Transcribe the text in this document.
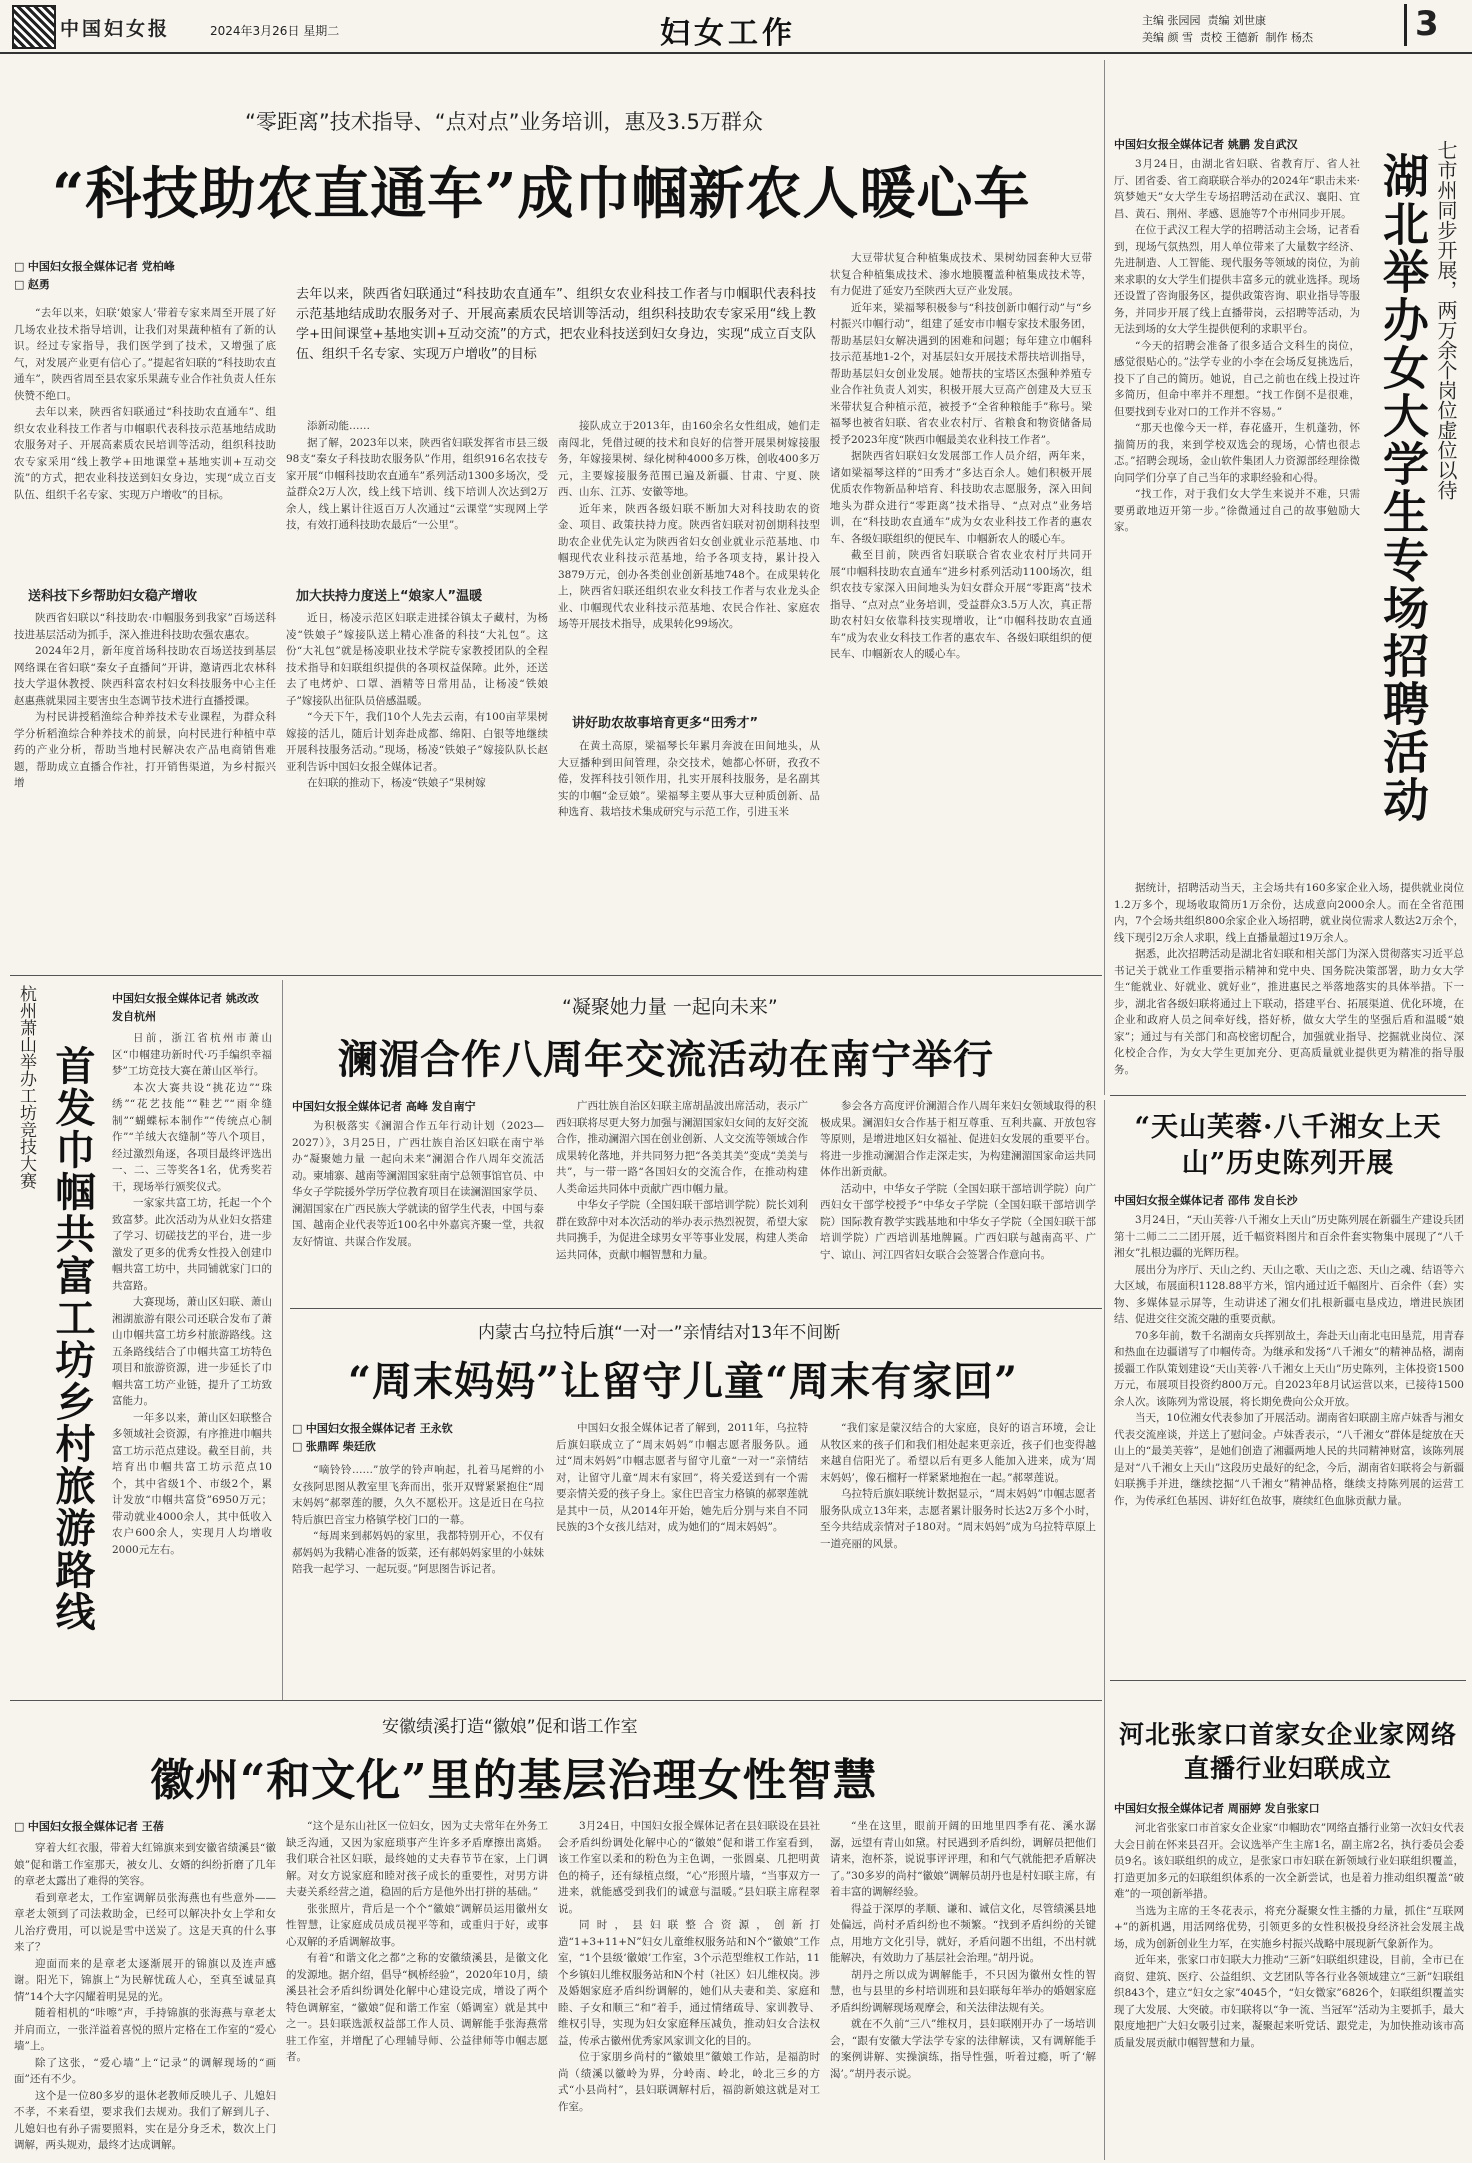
中国妇女报	2024年3月26日 星期二	妇女工作	主编 张园园 责编 刘世康
美编 颜 雪 责校 王德新 制作 杨杰	3
“零距离”技术指导、“点对点”业务培训，惠及3.5万群众
“科技助农直通车”成巾帼新农人暖心车
□ 中国妇女报全媒体记者 党柏峰
□ 赵勇
去年以来，陕西省妇联通过“科技助农直通车”、组织女农业科技工作者与巾帼职代表科技示范基地结成助农服务对子、开展高素质农民培训等活动，组织科技助农专家采用“线上教学+田间课堂+基地实训+互动交流”的方式，把农业科技送到妇女身边，实现“成立百支队伍、组织千名专家、实现万户增收”的目标

“去年以来，妇联‘娘家人’带着专家来周至开展了好几场农业技术指导培训，让我们对果蔬种植有了新的认识。经过专家指导，我们医学到了技术，又增强了底气，对发展产业更有信心了。”提起省妇联的“科技助农直通车”，陕西省周至县农家乐果蔬专业合作社负责人任东侠赞不绝口。

去年以来，陕西省妇联通过“科技助农直通车”、组织女农业科技工作者与巾帼职代表科技示范基地结成助农服务对子、开展高素质农民培训等活动，组织科技助农专家采用“线上教学+田地课堂+基地实训+互动交流”的方式，把农业科技送到妇女身边，实现“成立百支队伍、组织千名专家、实现万户增收”的目标。

送科技下乡帮助妇女稳产增收

陕西省妇联以“科技助农·巾帼服务到我家”百场送科技进基层活动为抓手，深入推进科技助农强农惠农。

2024年2月，新年度首场科技助农百场送技到基层网络课在省妇联“秦女子直播间”开讲，邀请西北农林科技大学退休教授、陕西科富农村妇女科技服务中心主任赵惠燕就果园主要害虫生态调节技术进行直播授课。

为村民讲授稻渔综合种养技术专业课程，为群众科学分析稻渔综合种养技术的前景，向村民进行种植中草药的产业分析，帮助当地村民解决农产品电商销售难题，帮助成立直播合作社，打开销售渠道，为乡村振兴增

添新动能……

据了解，2023年以来，陕西省妇联发挥省市县三级98支“秦女子科技助农服务队”作用，组织916名农技专家开展“巾帼科技助农直通车”系列活动1300多场次，受益群众2万人次，线上线下培训、线下培训人次达到2万余人，线上累计往返百万人次通过“云课堂”实现网上学技，有效打通科技助农最后“一公里”。

加大扶持力度送上“娘家人”温暖

近日，杨凌示范区妇联走进揉谷镇太子藏村，为杨凌“铁娘子”嫁接队送上精心准备的科技“大礼包”。这份“大礼包”就是杨凌职业技术学院专家教授团队的全程技术指导和妇联组织提供的各项权益保障。此外，还送去了电烤炉、口罩、酒精等日常用品，让杨凌“铁娘子”嫁接队出征队员倍感温暖。

“今天下午，我们10个人先去云南，有100亩苹果树嫁接的活儿，随后计划奔赴成都、绵阳、白银等地继续开展科技服务活动。”现场，杨凌“铁娘子”嫁接队队长赵亚利告诉中国妇女报全媒体记者。

在妇联的推动下，杨凌“铁娘子”果树嫁

接队成立于2013年，由160余名女性组成，她们走南闯北，凭借过硬的技术和良好的信誉开展果树嫁接服务，年嫁接果树、绿化树种4000多万株，创收400多万元，主要嫁接服务范围已遍及新疆、甘肃、宁夏、陕西、山东、江苏、安徽等地。

近年来，陕西各级妇联不断加大对科技助农的资金、项目、政策扶持力度。陕西省妇联对初创期科技型助农企业优先认定为陕西省妇女创业就业示范基地、巾帼现代农业科技示范基地，给予各项支持，累计投入3879万元，创办各类创业创新基地748个。在成果转化上，陕西省妇联还组织农业女科技工作者与农业龙头企业、巾帼现代农业科技示范基地、农民合作社、家庭农场等开展技术指导，成果转化99场次。

讲好助农故事培育更多“田秀才”

在黄土高原，梁福琴长年累月奔波在田间地头，从大豆播种到田间管理，杂交技术，她都心怀研，孜孜不倦，发挥科技引领作用，扎实开展科技服务，是名副其实的巾帼“金豆娘”。梁福琴主要从事大豆种质创新、品种选育、栽培技术集成研究与示范工作，引进玉米

大豆带状复合种植集成技术、果树幼园套种大豆带状复合种植集成技术、渗水地膜覆盖种植集成技术等，有力促进了延安乃至陕西大豆产业发展。

近年来，梁福琴积极参与“科技创新巾帼行动”与“乡村振兴巾帼行动”，组建了延安市巾帼专家技术服务团，帮助基层妇女解决遇到的困难和问题；每年建立巾帼科技示范基地1-2个，对基层妇女开展技术帮扶培训指导，帮助基层妇女创业发展。她帮扶的宝塔区杰强种养殖专业合作社负责人刘实，积极开展大豆高产创建及大豆玉米带状复合种植示范，被授予“全省种粮能手”称号。梁福琴也被省妇联、省农业农村厅、省粮食和物资储备局授予2023年度“陕西巾帼最美农业科技工作者”。

据陕西省妇联妇女发展部工作人员介绍，两年来，诸如梁福琴这样的“田秀才”多达百余人。她们积极开展优质农作物新品种培育、科技助农志愿服务，深入田间地头为群众进行“零距离”技术指导、“点对点”业务培训，在“科技助农直通车”成为女农业科技工作者的惠农车、各级妇联组织的便民车、巾帼新农人的暖心车。

截至目前，陕西省妇联联合省农业农村厅共同开展“巾帼科技助农直通车”进乡村系列活动1100场次，组织农技专家深入田间地头为妇女群众开展“零距离”技术指导、“点对点”业务培训，受益群众3.5万人次，真正帮助农村妇女依靠科技实现增收，让“巾帼科技助农直通车”成为农业女科技工作者的惠农车、各级妇联组织的便民车、巾帼新农人的暖心车。	湖北举办女大学生专场招聘活动 七市州同步开展，两万余个岗位虚位以待
中国妇女报全媒体记者 姚鹏 发自武汉

3月24日，由湖北省妇联、省教育厅、省人社厅、团省委、省工商联联合举办的2024年“职击未来·筑梦她天”女大学生专场招聘活动在武汉、襄阳、宜昌、黄石、荆州、孝感、恩施等7个市州同步开展。

在位于武汉工程大学的招聘活动主会场，记者看到，现场气氛热烈，用人单位带来了大量数字经济、先进制造、人工智能、现代服务等领域的岗位，为前来求职的女大学生们提供丰富多元的就业选择。现场还设置了咨询服务区，提供政策咨询、职业指导等服务，并同步开展了线上直播带岗，云招聘等活动，为无法到场的女大学生提供便利的求职平台。

“今天的招聘会准备了很多适合文科生的岗位，感觉很贴心的。”法学专业的小李在会场反复挑选后，投下了自己的简历。她说，自己之前也在线上投过许多简历，但命中率并不理想。“找工作倒不是很难，但要找到专业对口的工作并不容易。”

“那天也像今天一样，春花盛开，生机蓬勃，怀揣简历的我，来到学校双选会的现场，心情也很忐忑。”招聘会现场，金山软件集团人力资源部经理徐微向同学们分享了自己当年的求职经验和心得。

“找工作，对于我们女大学生来说并不难，只需要勇敢地迈开第一步。”徐微通过自己的故事勉励大家。

据统计，招聘活动当天，主会场共有160多家企业入场，提供就业岗位1.2万多个，现场收取简历1万余份，达成意向2000余人。而在全省范围内，7个会场共组织800余家企业入场招聘，就业岗位需求人数达2万余个，线下现引2万余人求职，线上直播量超过19万余人。

据悉，此次招聘活动是湖北省妇联和相关部门为深入贯彻落实习近平总书记关于就业工作重要指示精神和党中央、国务院决策部署，助力女大学生“能就业、好就业、就好业”，推进惠民之举落地落实的具体举措。下一步，湖北省各级妇联将通过上下联动，搭建平台、拓展渠道、优化环境，在企业和政府人员之间牵好线，搭好桥，做女大学生的坚强后盾和温暖“娘家”；通过与有关部门和高校密切配合，加强就业指导、挖掘就业岗位、深化校企合作，为女大学生更加充分、更高质量就业提供更为精准的指导服务。

杭州萧山举办工坊竞技大赛 首发巾帼共富工坊乡村旅游路线
中国妇女报全媒体记者 姚改改 发自杭州

日前，浙江省杭州市萧山区“巾帼建功新时代·巧手编织幸福梦”工坊竞技大赛在萧山区举行。

本次大赛共设“挑花边”“珠绣”“花艺技能”“鞋艺”“雨伞缝制”“蝴蝶标本制作”“传统点心制作”“羊绒大衣缝制”等八个项目，经过激烈角逐，各项目最终评选出一、二、三等奖各1名，优秀奖若干，现场举行颁奖仪式。

一家家共富工坊，托起一个个致富梦。此次活动为从业妇女搭建了学习、切磋技艺的平台，进一步激发了更多的优秀女性投入创建巾帼共富工坊中，共同铺就家门口的共富路。

大赛现场，萧山区妇联、萧山湘湖旅游有限公司还联合发布了萧山巾帼共富工坊乡村旅游路线。这五条路线结合了巾帼共富工坊特色项目和旅游资源，进一步延长了巾帼共富工坊产业链，提升了工坊致富能力。

一年多以来，萧山区妇联整合多领域社会资源，有序推进巾帼共富工坊示范点建设。截至目前，共培育出巾帼共富工坊示范点10个，其中省级1个、市级2个，累计发放“巾帼共富贷”6950万元；带动就业4000余人，其中低收入农户600余人，实现月人均增收2000元左右。

“凝聚她力量 一起向未来”
澜湄合作八周年交流活动在南宁举行
中国妇女报全媒体记者 高峰 发自南宁

为积极落实《澜湄合作五年行动计划（2023—2027）》，3月25日，广西壮族自治区妇联在南宁举办“凝聚她力量 一起向未来”澜湄合作八周年交流活动。柬埔寨、越南等澜湄国家驻南宁总领事馆官员、中华女子学院援外学历学位教育项目在读澜湄国家学员、澜湄国家在广西民族大学就读的留学生代表，中国与泰国、越南企业代表等近100名中外嘉宾齐聚一堂，共叙友好情谊、共谋合作发展。

广西壮族自治区妇联主席胡晶波出席活动，表示广西妇联将尽更大努力加强与澜湄国家妇女间的友好交流合作，推动澜湄六国在创业创新、人文交流等领域合作成果转化落地，并共同努力把“各美其美”变成“美美与共”，与一带一路“各国妇女的交流合作，在推动构建人类命运共同体中贡献广西巾帼力量。

中华女子学院（全国妇联干部培训学院）院长刘利群在致辞中对本次活动的举办表示热烈祝贺，希望大家共同携手，为促进全球男女平等事业发展，构建人类命运共同体，贡献巾帼智慧和力量。

参会各方高度评价澜湄合作八周年来妇女领域取得的积极成果。澜湄妇女合作基于相互尊重、互利共赢、开放包容等原则，是增进地区妇女福祉、促进妇女发展的重要平台。将进一步推动澜湄合作走深走实，为构建澜湄国家命运共同体作出新贡献。

活动中，中华女子学院（全国妇联干部培训学院）向广西妇女干部学校授予“中华女子学院（全国妇联干部培训学院）国际教育教学实践基地和中华女子学院（全国妇联干部培训学院）广西培训基地牌匾。广西妇联与越南高平、广宁、谅山、河江四省妇女联合会签署合作意向书。

“天山芙蓉·八千湘女上天山”历史陈列开展
中国妇女报全媒体记者 邵伟 发自长沙

3月24日，“天山芙蓉·八千湘女上天山”历史陈列展在新疆生产建设兵团第十二师二二二团开展，近千幅资料图片和百余件套实物集中展现了“八千湘女”扎根边疆的光辉历程。

展出分为序厅、天山之约、天山之歌、天山之恋、天山之魂、结语等六大区域，布展面积1128.88平方米，馆内通过近千幅图片、百余件（套）实物、多媒体显示屏等，生动讲述了湘女们扎根新疆屯垦戍边，增进民族团结、促进交往交流交融的重要贡献。

70多年前，数千名湖南女兵挥别故土，奔赴天山南北屯田垦荒，用青春和热血在边疆谱写了巾帼传奇。为继承和发扬“八千湘女”的精神品格，湖南援疆工作队策划建设“天山芙蓉·八千湘女上天山”历史陈列，主体投资1500万元，布展项目投资约800万元。自2023年8月试运营以来，已接待1500余人次。该陈列为常设展，将长期免费向公众开放。

当天，10位湘女代表参加了开展活动。湖南省妇联副主席卢妹香与湘女代表交流座谈，并送上了慰问金。卢妹香表示，“八千湘女”群体是绽放在天山上的“最美芙蓉”，是她们创造了湘疆两地人民的共同精神财富，该陈列展是对“八千湘女上天山”这段历史最好的纪念，今后，湖南省妇联将会与新疆妇联携手并进，继续挖掘“八千湘女”精神品格，继续支持陈列展的运营工作，为传承红色基因、讲好红色故事，赓续红色血脉贡献力量。

内蒙古乌拉特后旗“一对一”亲情结对13年不间断
“周末妈妈”让留守儿童“周末有家回”
□ 中国妇女报全媒体记者 王永钦
□ 张鼎晖 柴廷欣

“嘀铃铃……”放学的铃声响起，扎着马尾辫的小女孩阿思图从教室里飞奔而出，张开双臂紧紧抱住“周末妈妈”郝翠莲的腰，久久不愿松开。这是近日在乌拉特后旗巴音宝力格镇学校门口的一幕。

“每周来到郝妈妈的家里，我都特别开心，不仅有郝妈妈为我精心准备的饭菜，还有郝妈妈家里的小妹妹陪我一起学习、一起玩耍。”阿思图告诉记者。

中国妇女报全媒体记者了解到，2011年，乌拉特后旗妇联成立了“周末妈妈”巾帼志愿者服务队。通过“周末妈妈”巾帼志愿者与留守儿童“一对一”亲情结对，让留守儿童“周末有家回”，将关爱送到有一个需要亲情关爱的孩子身上。家住巴音宝力格镇的郝翠莲就是其中一员，从2014年开始，她先后分别与来自不同民族的3个女孩儿结对，成为她们的“周末妈妈”。

“我们家是蒙汉结合的大家庭，良好的语言环境，会让从牧区来的孩子们和我们相处起来更亲近，孩子们也变得越来越自信阳光了。希望以后有更多人能加入进来，成为‘周末妈妈’，像石榴籽一样紧紧地抱在一起。”郝翠莲说。

乌拉特后旗妇联统计数据显示，“周末妈妈”巾帼志愿者服务队成立13年来，志愿者累计服务时长达2万多个小时，至今共结成亲情对子180对。“周末妈妈”成为乌拉特草原上一道亮丽的风景。

安徽绩溪打造“徽娘”促和谐工作室
徽州“和文化”里的基层治理女性智慧
□ 中国妇女报全媒体记者 王蓓

穿着大红衣服，带着大红锦旗来到安徽省绩溪县“徽娘”促和谐工作室那天，被女儿、女婿的纠纷折磨了几年的章老太露出了难得的笑容。

看到章老太，工作室调解员张海燕也有些意外——章老太领到了司法救助金，已经可以解决扑女上学和女儿治疗费用，可以说是雪中送炭了。这是天真的什么事来了？

迎面而来的是章老太逐渐展开的锦旗以及连声感谢。阳光下，锦旗上“为民解忧疏人心，至真至诚显真情”14个大字闪耀着明晃晃的光。

随着相机的“咔嚓”声，手持锦旗的张海燕与章老太并肩而立，一张洋溢着喜悦的照片定格在工作室的“爱心墙”上。

除了这张，“爱心墙”上“记录”的调解现场的“画面”还有不少。

这个是一位80多岁的退休老教师反映儿子、儿媳妇不孝，不来看望，要求我们去规劝。我们了解到儿子、儿媳妇也有孙子需要照料，实在是分身乏术，数次上门调解，两头规劝，最终才达成调解。

“这个是东山社区一位妇女，因为丈夫常年在外务工缺乏沟通，又因为家庭琐事产生许多矛盾摩擦出离婚。我们联合社区妇联，最终她的丈夫春节节在家，上门调解。对女方说家庭和睦对孩子成长的重要性，对男方讲夫妻关系经营之道，稳固的后方是他外出打拼的基础。”

张张照片，背后是一个个“徽娘”调解员运用徽州女性智慧，让家庭成员成员视平等和，或重归于好，或事心双解的矛盾调解故事。

有着“和谐文化之都”之称的安徽绩溪县，是徽文化的发源地。据介绍，倡导“枫桥经验”，2020年10月，绩溪县社会矛盾纠纷调处化解中心建设完成，增设了两个特色调解室，“徽娘”促和谐工作室（婚调室）就是其中之一。县妇联选派权益部工作人员、调解能手张海燕常驻工作室，并增配了心理辅导师、公益律师等巾帼志愿者。

3月24日，中国妇女报全媒体记者在县妇联设在县社会矛盾纠纷调处化解中心的“徽娘”促和谐工作室看到，该工作室以柔和的粉色为主色调，一张圆桌、几把明黄色的椅子，还有绿植点缀，“心”形照片墙，“当事双方一进来，就能感受到我们的诚意与温暖。”县妇联主席程翠说。

同时，县妇联整合资源，创新打造“1+3+11+N”妇女儿童维权服务站和N个“徽娘”工作室，“1个县级‘徽娘’工作室，3个示范型维权工作站，11个乡镇妇儿维权服务站和N个村（社区）妇儿维权岗。涉及婚姻家庭矛盾纠纷调解的，她们从夫妻和美、家庭和睦、子女和顺三“和”着手，通过情绪疏导、家训教导、维权引导，实现为妇女家庭释压减负，推动妇女合法权益，传承古徽州优秀家风家训文化的目的。

位于家朋乡尚村的“徽娘里”徽娘工作站，是福韵时尚（绩溪以徽岭为界，分岭南、岭北，岭北三乡的方式“小县尚村”，县妇联调解村后，福韵新娘这就是对工作室。

“坐在这里，眼前开阔的田地里四季有花、溪水潺潺，远望有青山如黛。村民遇到矛盾纠纷，调解员把他们请来，泡杯茶，说说事评评理，和和气气就能把矛盾解决了。”30多岁的尚村“徽娘”调解员胡丹也是村妇联主席，有着丰富的调解经验。

得益于深厚的孝顺、谦和、诚信文化，尽管绩溪县地处偏远，尚村矛盾纠纷也不频繁。“找到矛盾纠纷的关键点，用地方文化引导，就好，矛盾问题不出组，不出村就能解决，有效助力了基层社会治理。”胡丹说。

胡丹之所以成为调解能手，不只因为徽州女性的智慧，也与县里的乡村培训班和县妇联每年举办的婚姻家庭矛盾纠纷调解现场观摩会，和关法律法规有关。

就在不久前“三八”维权月，县妇联刚开办了一场培训会，“跟有安徽大学法学专家的法律解读，又有调解能手的案例讲解、实操演练，指导性强，听着过瘾，听了‘解渴’。”胡丹表示说。

河北张家口首家女企业家网络直播行业妇联成立
中国妇女报全媒体记者 周丽婷 发自张家口

河北省张家口市首家女企业家“巾帼助农”网络直播行业第一次妇女代表大会日前在怀来县召开。会议选举产生主席1名，副主席2名，执行委员会委员9名。该妇联组织的成立，是张家口市妇联在新领域行业妇联组织覆盖，打造更加多元的妇联组织体系的一次全新尝试，也是着力推动组织覆盖“破难”的一项创新举措。

当选为主席的王冬花表示，将充分凝聚女性主播的力量，抓住“互联网+”的新机遇，用活网络优势，引领更多的女性积极投身经济社会发展主战场，成为创新创业生力军，在实施乡村振兴战略中展现新气象新作为。

近年来，张家口市妇联大力推动“三新”妇联组织建设，目前，全市已在商贸、建筑、医疗、公益组织、文艺团队等各行业各领域建立“三新”妇联组织843个，建立“妇女之家”4045个，“妇女微家”6826个，妇联组织覆盖实现了大发展、大突破。市妇联将以“争一流、当冠军”活动为主要抓手，最大限度地把广大妇女吸引过来，凝聚起来听党话、跟党走，为加快推动该市高质量发展贡献巾帼智慧和力量。
